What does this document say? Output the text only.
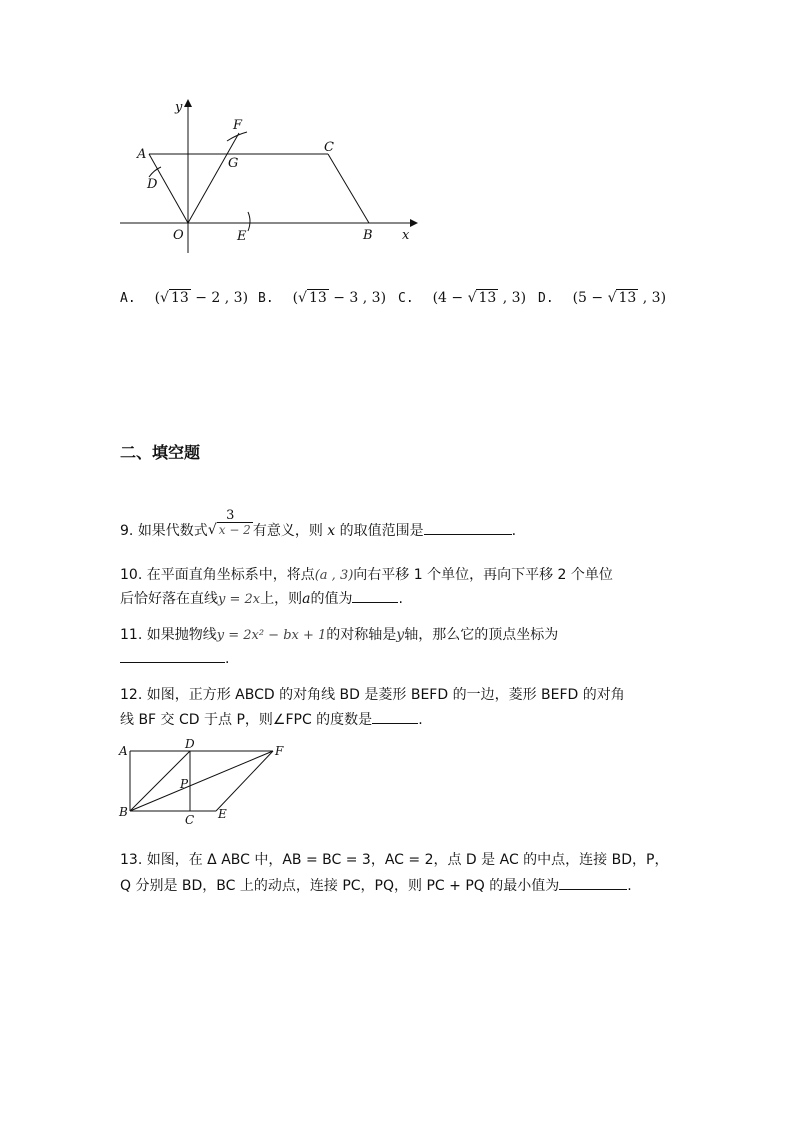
y
x
F
A
G
C
D
O	E	B
A. (√ 13 − 2 , 3) B. (√ 13 − 3 , 3) C. (4 − √ 13 , 3) D. (5 − √ 13 , 3)
二、填空题
9. 如果代数式
3
√ x − 2 有意义，则 x 的取值范围是	.
10. 在平面直角坐标系中，将点(a , 3)向右平移 1 个单位，再向下平移 2 个单位
后恰好落在直线y = 2x上，则a的值为	.
11. 如果抛物线y = 2x² − bx + 1的对称轴是y轴，那么它的顶点坐标为
.
12. 如图，正方形 ABCD 的对角线 BD 是菱形 BEFD 的一边，菱形 BEFD 的对角
线 BF 交 CD 于点 P，则∠FPC 的度数是	.
A	D	F
P
B
C E
13. 如图，在 Δ ABC 中，AB = BC = 3，AC = 2，点 D 是 AC 的中点，连接 BD，P，
Q 分别是 BD，BC 上的动点，连接 PC，PQ，则 PC + PQ 的最小值为	.
